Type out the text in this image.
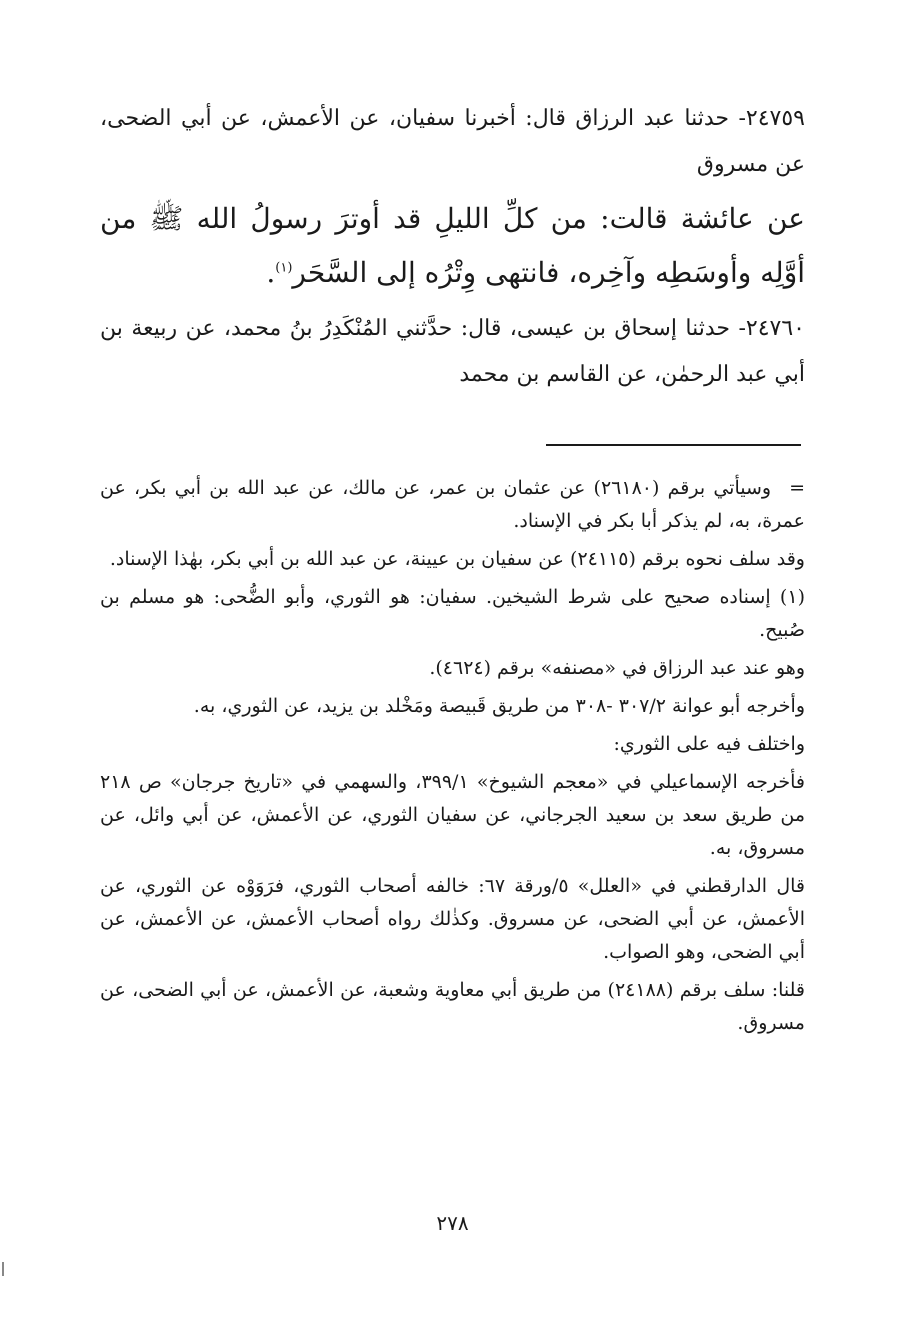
٢٤٧٥٩- حدثنا عبد الرزاق قال: أخبرنا سفيان، عن الأعمش، عن أبي الضحى، عن مسروق

عن عائشة قالت: من كلِّ الليلِ قد أوترَ رسولُ الله ﷺ من أوَّلِه وأوسَطِه وآخِره، فانتهى وِتْرُه إلى السَّحَر$^{(١)}$.

٢٤٧٦٠- حدثنا إسحاق بن عيسى، قال: حدَّثني المُنْكَدِرُ بنُ محمد، عن ربيعة بن أبي عبد الرحمٰن، عن القاسم بن محمد

=وسيأتي برقم (٢٦١٨٠) عن عثمان بن عمر، عن مالك، عن عبد الله بن أبي بكر، عن عمرة، به، لم يذكر أبا بكر في الإسناد.

وقد سلف نحوه برقم (٢٤١١٥) عن سفيان بن عيينة، عن عبد الله بن أبي بكر، بهٰذا الإسناد.

(١) إسناده صحيح على شرط الشيخين. سفيان: هو الثوري، وأبو الضُّحى: هو مسلم بن صُبيح.

وهو عند عبد الرزاق في «مصنفه» برقم (٤٦٢٤).

وأخرجه أبو عوانة ٣٠٧/٢ -٣٠٨ من طريق قَبيصة ومَخْلد بن يزيد، عن الثوري، به.

واختلف فيه على الثوري:

فأخرجه الإسماعيلي في «معجم الشيوخ» ٣٩٩/١، والسهمي في «تاريخ جرجان» ص ٢١٨ من طريق سعد بن سعيد الجرجاني، عن سفيان الثوري، عن الأعمش، عن أبي وائل، عن مسروق، به.

قال الدارقطني في «العلل» ٥/ورقة ٦٧: خالفه أصحاب الثوري، فرَوَوْه عن الثوري، عن الأعمش، عن أبي الضحى، عن مسروق. وكذٰلك رواه أصحاب الأعمش، عن الأعمش، عن أبي الضحى، وهو الصواب.

قلنا: سلف برقم (٢٤١٨٨) من طريق أبي معاوية وشعبة، عن الأعمش، عن أبي الضحى، عن مسروق.

٢٧٨
